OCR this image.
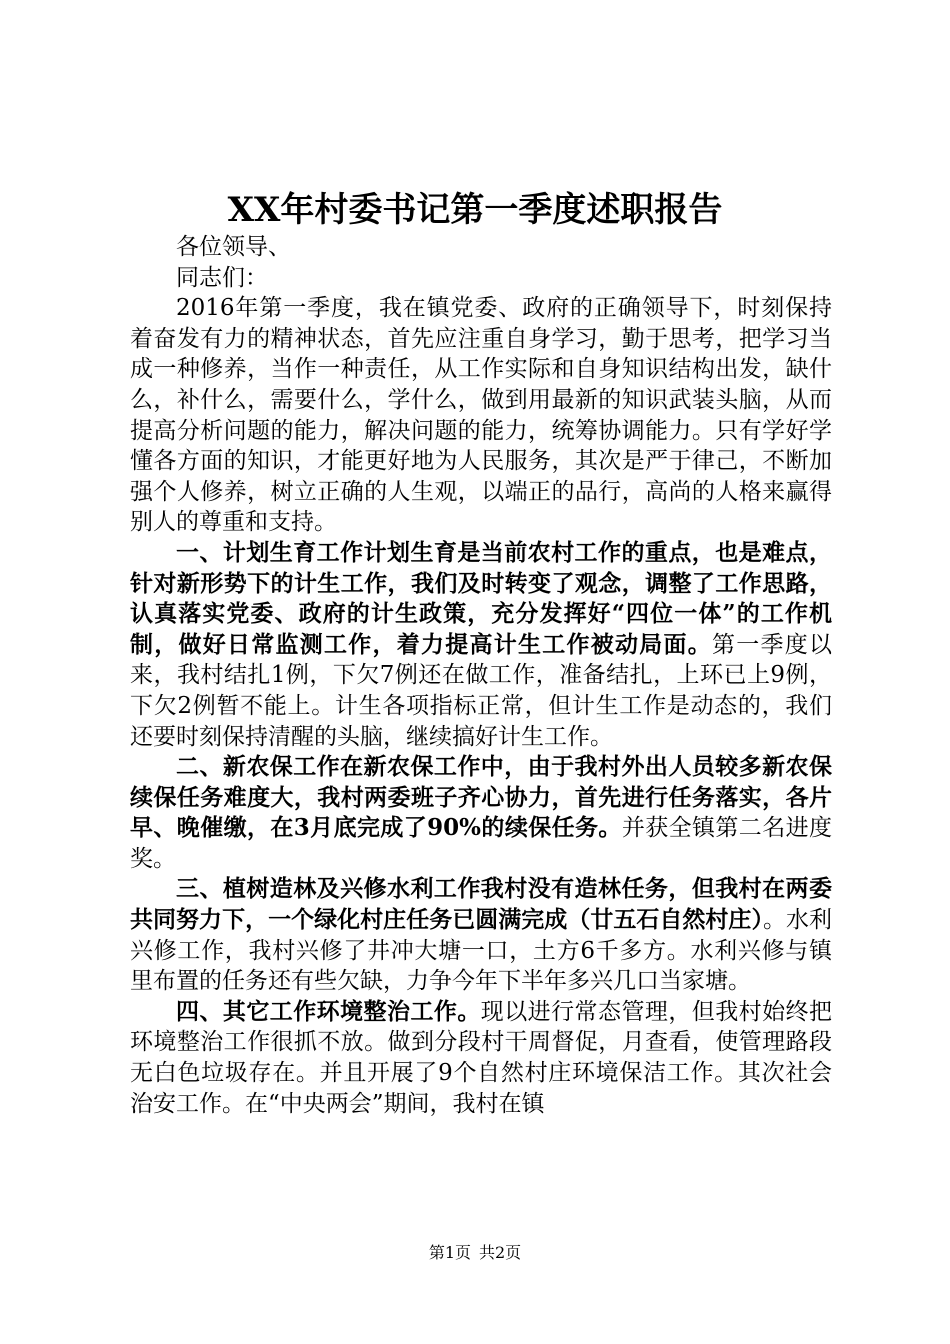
XX年村委书记第一季度述职报告

各位领导、

同志们：

2016年第一季度，我在镇党委、政府的正确领导下，时刻保持着奋发有力的精神状态，首先应注重自身学习，勤于思考，把学习当成一种修养，当作一种责任，从工作实际和自身知识结构出发，缺什么，补什么，需要什么，学什么，做到用最新的知识武装头脑，从而提高分析问题的能力，解决问题的能力，统筹协调能力。只有学好学懂各方面的知识，才能更好地为人民服务，其次是严于律己，不断加强个人修养，树立正确的人生观，以端正的品行，高尚的人格来赢得别人的尊重和支持。

一、计划生育工作计划生育是当前农村工作的重点，也是难点，针对新形势下的计生工作，我们及时转变了观念，调整了工作思路，认真落实党委、政府的计生政策，充分发挥好“四位一体”的工作机制，做好日常监测工作，着力提高计生工作被动局面。第一季度以来，我村结扎1例，下欠7例还在做工作，准备结扎，上环已上9例，下欠2例暂不能上。计生各项指标正常，但计生工作是动态的，我们还要时刻保持清醒的头脑，继续搞好计生工作。

二、新农保工作在新农保工作中，由于我村外出人员较多新农保续保任务难度大，我村两委班子齐心协力，首先进行任务落实，各片早、晚催缴，在3月底完成了90%的续保任务。并获全镇第二名进度奖。

三、植树造林及兴修水利工作我村没有造林任务，但我村在两委共同努力下，一个绿化村庄任务已圆满完成（廿五石自然村庄）。水利兴修工作，我村兴修了井冲大塘一口，土方6千多方。水利兴修与镇里布置的任务还有些欠缺，力争今年下半年多兴几口当家塘。

四、其它工作环境整治工作。现以进行常态管理，但我村始终把环境整治工作很抓不放。做到分段村干周督促，月查看，使管理路段无白色垃圾存在。并且开展了9个自然村庄环境保洁工作。其次社会治安工作。在“中央两会”期间，我村在镇

第1页 共2页
